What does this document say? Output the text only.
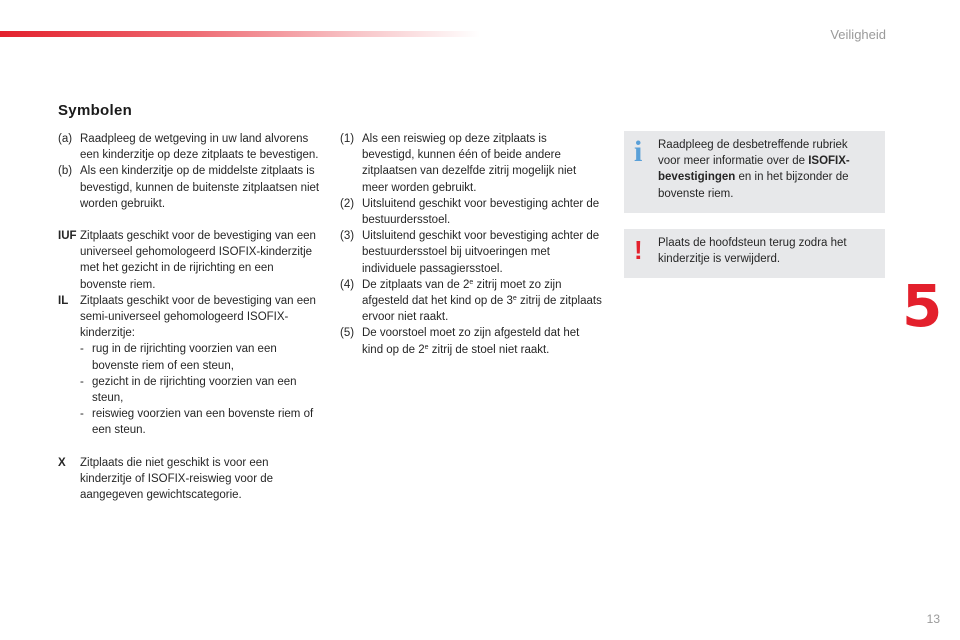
Veiligheid
Symbolen
(a) Raadpleeg de wetgeving in uw land alvorens een kinderzitje op deze zitplaats te bevestigen.
(b) Als een kinderzitje op de middelste zitplaats is bevestigd, kunnen de buitenste zitplaatsen niet worden gebruikt.
IUF Zitplaats geschikt voor de bevestiging van een universeel gehomologeerd ISOFIX-kinderzitje met het gezicht in de rijrichting en een bovenste riem.
IL Zitplaats geschikt voor de bevestiging van een semi-universeel gehomologeerd ISOFIX-kinderzitje:
- rug in de rijrichting voorzien van een bovenste riem of een steun,
- gezicht in de rijrichting voorzien van een steun,
- reiswieg voorzien van een bovenste riem of een steun.
X Zitplaats die niet geschikt is voor een kinderzitje of ISOFIX-reiswieg voor de aangegeven gewichtscategorie.
(1) Als een reiswieg op deze zitplaats is bevestigd, kunnen één of beide andere zitplaatsen van dezelfde zitrij mogelijk niet meer worden gebruikt.
(2) Uitsluitend geschikt voor bevestiging achter de bestuurdersstoel.
(3) Uitsluitend geschikt voor bevestiging achter de bestuurdersstoel bij uitvoeringen met individuele passagiersstoel.
(4) De zitplaats van de 2e zitrij moet zo zijn afgesteld dat het kind op de 3e zitrij de zitplaats ervoor niet raakt.
(5) De voorstoel moet zo zijn afgesteld dat het kind op de 2e zitrij de stoel niet raakt.
i Raadpleeg de desbetreffende rubriek voor meer informatie over de ISOFIX-bevestigingen en in het bijzonder de bovenste riem.
! Plaats de hoofdsteun terug zodra het kinderzitje is verwijderd.
5
13
